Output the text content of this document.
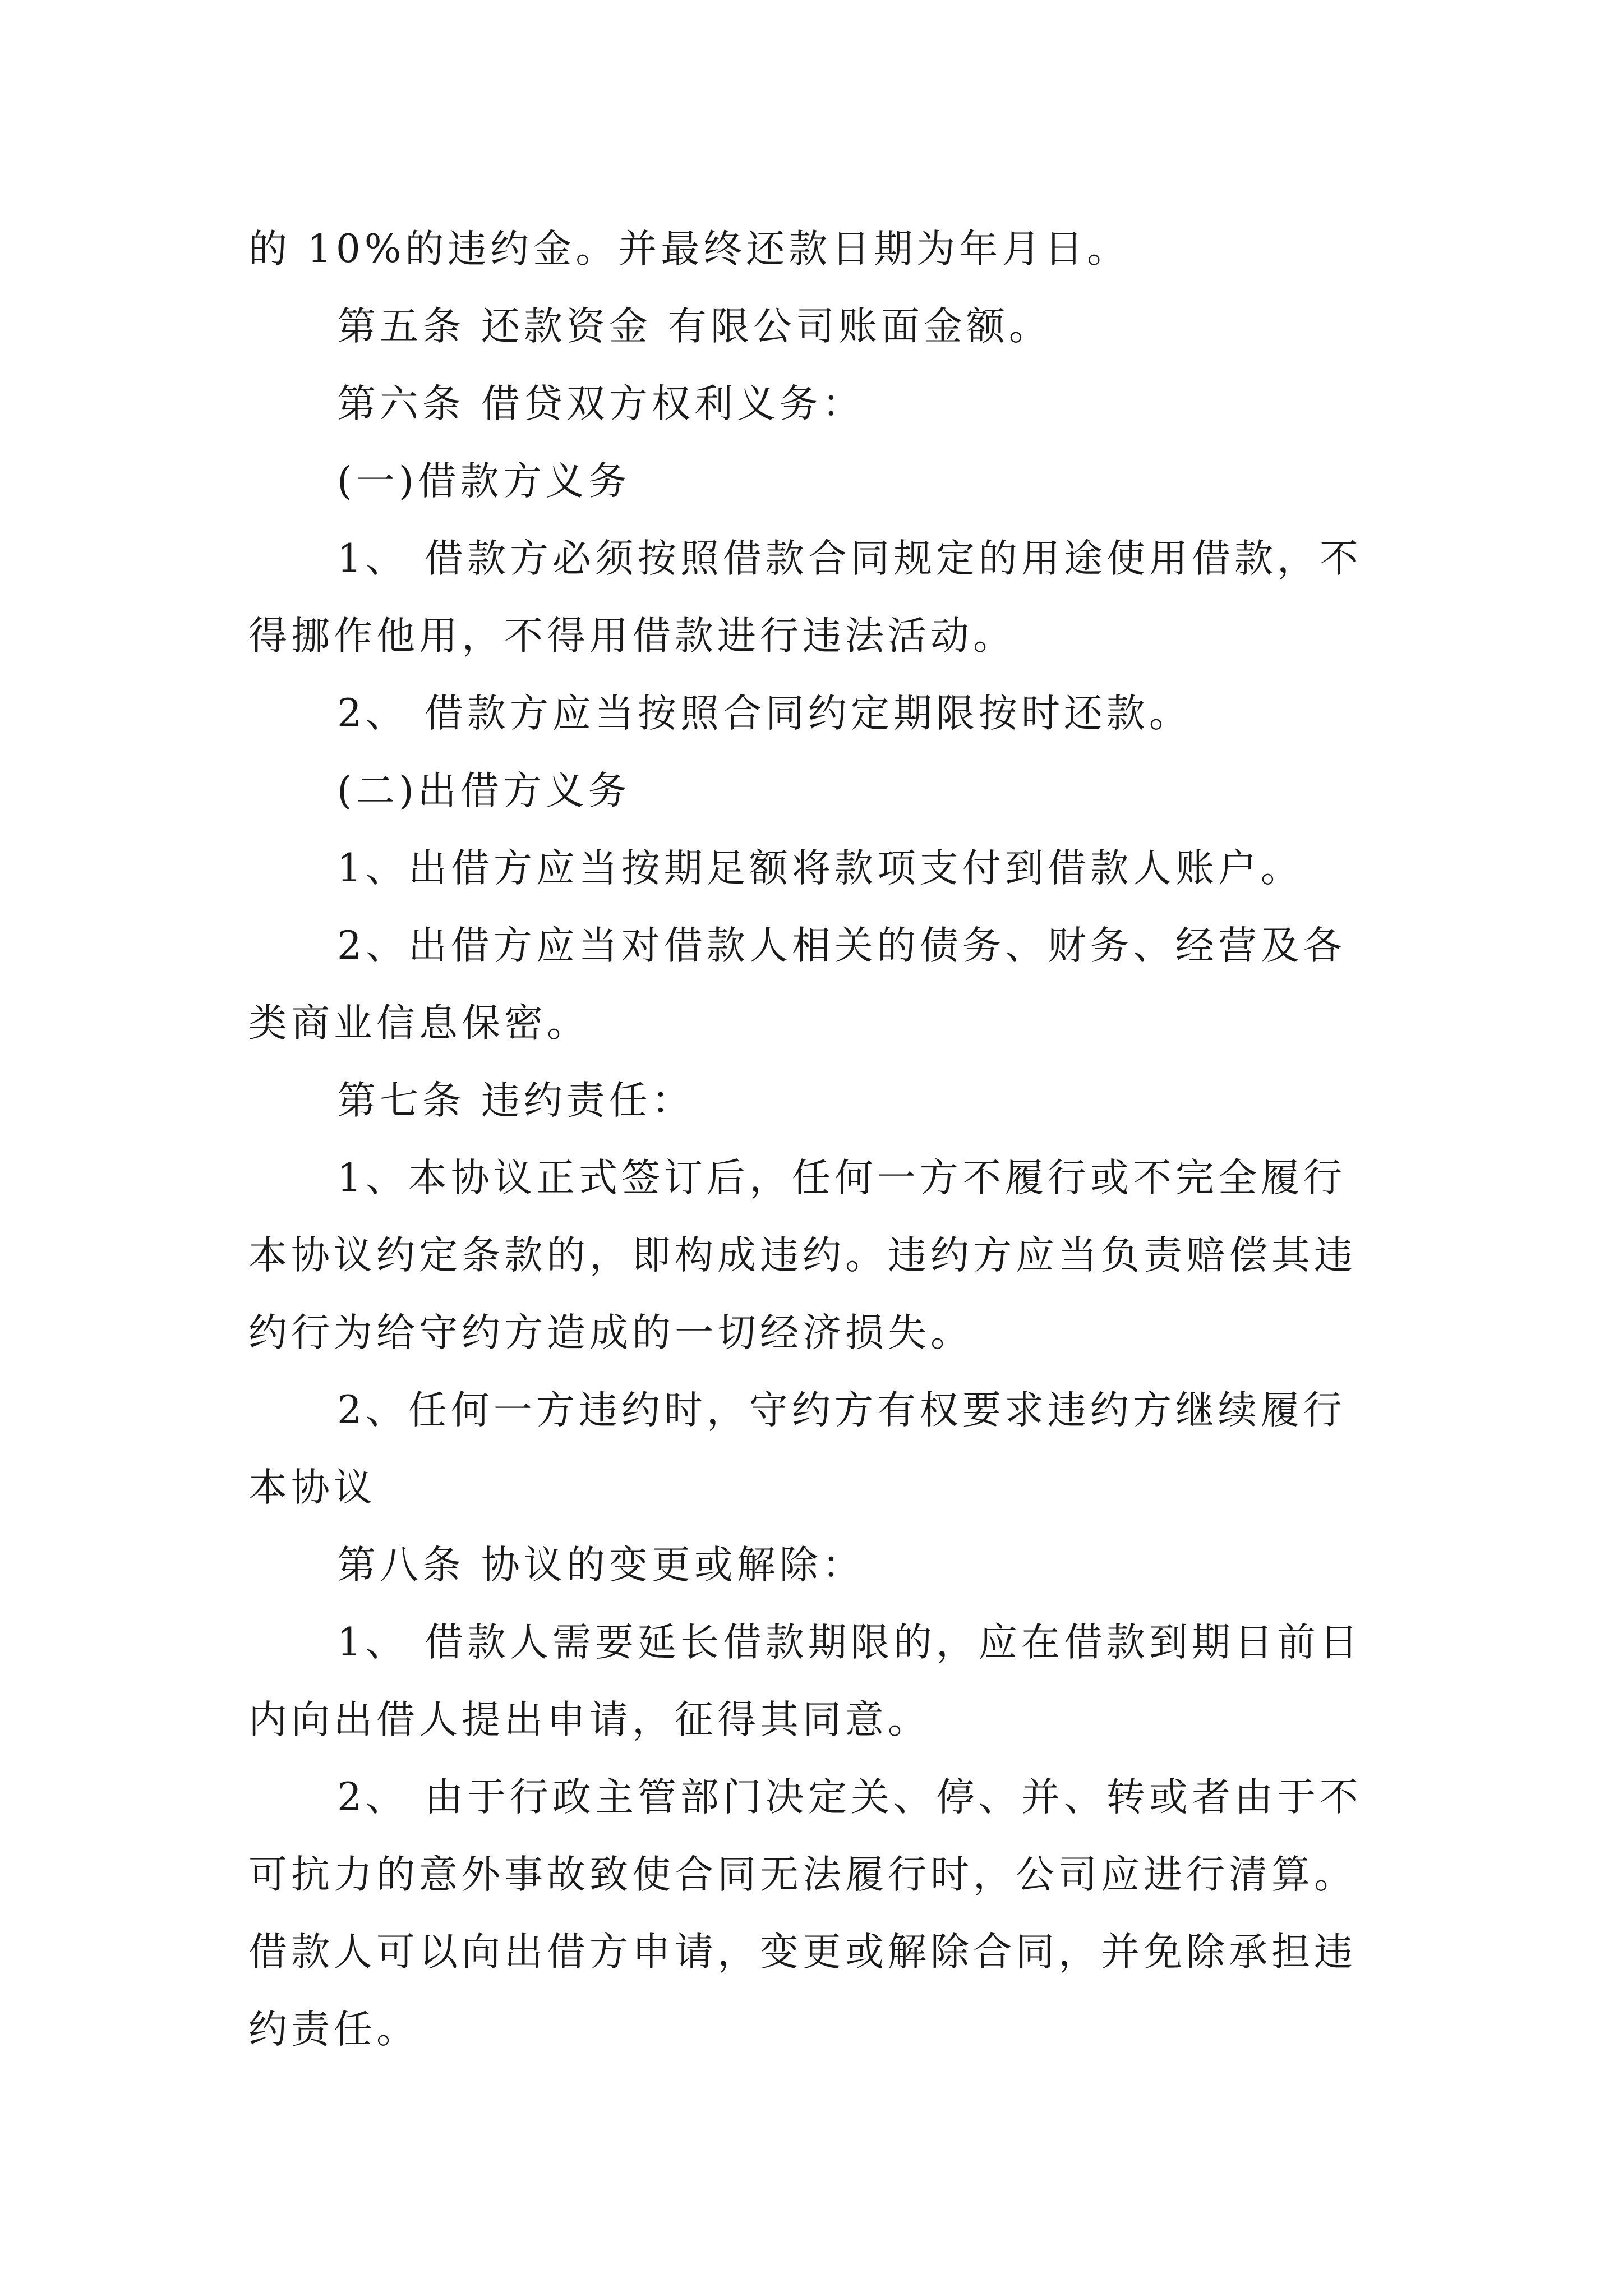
的 10%的违约金。并最终还款日期为年月日。
第五条 还款资金 有限公司账面金额。
第六条 借贷双方权利义务：
(一)借款方义务
1、 借款方必须按照借款合同规定的用途使用借款，不
得挪作他用，不得用借款进行违法活动。
2、 借款方应当按照合同约定期限按时还款。
(二)出借方义务
1、出借方应当按期足额将款项支付到借款人账户。
2、出借方应当对借款人相关的债务、财务、经营及各
类商业信息保密。
第七条 违约责任：
1、本协议正式签订后，任何一方不履行或不完全履行
本协议约定条款的，即构成违约。违约方应当负责赔偿其违
约行为给守约方造成的一切经济损失。
2、任何一方违约时，守约方有权要求违约方继续履行
本协议
第八条 协议的变更或解除：
1、 借款人需要延长借款期限的，应在借款到期日前日
内向出借人提出申请，征得其同意。
2、 由于行政主管部门决定关、停、并、转或者由于不
可抗力的意外事故致使合同无法履行时，公司应进行清算。
借款人可以向出借方申请，变更或解除合同，并免除承担违
约责任。
